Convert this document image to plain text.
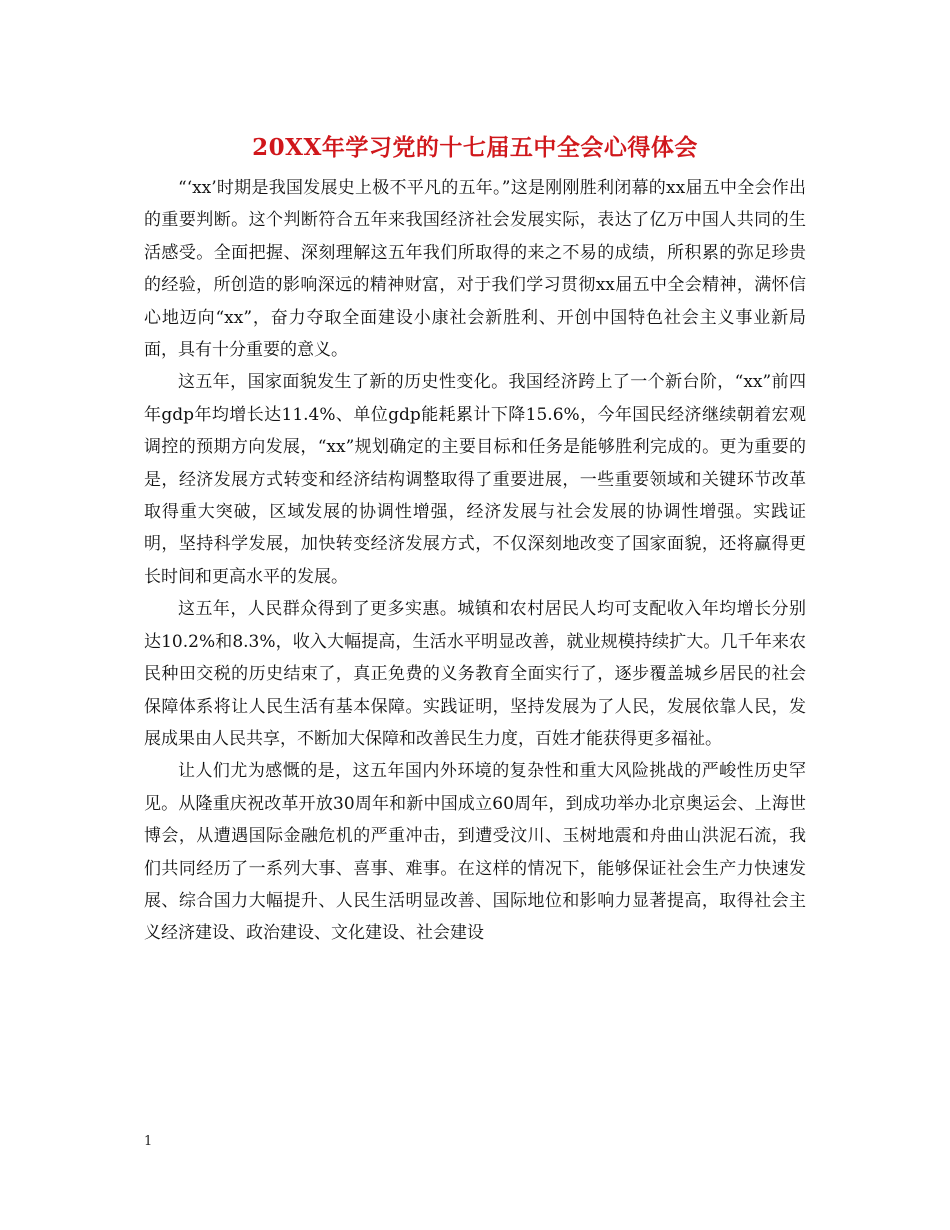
20XX年学习党的十七届五中全会心得体会

“‘xx’时期是我国发展史上极不平凡的五年。”这是刚刚胜利闭幕的xx届五中全会作出的重要判断。这个判断符合五年来我国经济社会发展实际，表达了亿万中国人共同的生活感受。全面把握、深刻理解这五年我们所取得的来之不易的成绩，所积累的弥足珍贵的经验，所创造的影响深远的精神财富，对于我们学习贯彻xx届五中全会精神，满怀信心地迈向“xx”，奋力夺取全面建设小康社会新胜利、开创中国特色社会主义事业新局面，具有十分重要的意义。

这五年，国家面貌发生了新的历史性变化。我国经济跨上了一个新台阶，“xx”前四年gdp年均增长达11.4%、单位gdp能耗累计下降15.6%，今年国民经济继续朝着宏观调控的预期方向发展，“xx”规划确定的主要目标和任务是能够胜利完成的。更为重要的是，经济发展方式转变和经济结构调整取得了重要进展，一些重要领域和关键环节改革取得重大突破，区域发展的协调性增强，经济发展与社会发展的协调性增强。实践证明，坚持科学发展，加快转变经济发展方式，不仅深刻地改变了国家面貌，还将赢得更长时间和更高水平的发展。

这五年，人民群众得到了更多实惠。城镇和农村居民人均可支配收入年均增长分别达10.2%和8.3%，收入大幅提高，生活水平明显改善，就业规模持续扩大。几千年来农民种田交税的历史结束了，真正免费的义务教育全面实行了，逐步覆盖城乡居民的社会保障体系将让人民生活有基本保障。实践证明，坚持发展为了人民，发展依靠人民，发展成果由人民共享，不断加大保障和改善民生力度，百姓才能获得更多福祉。

让人们尤为感慨的是，这五年国内外环境的复杂性和重大风险挑战的严峻性历史罕见。从隆重庆祝改革开放30周年和新中国成立60周年，到成功举办北京奥运会、上海世博会，从遭遇国际金融危机的严重冲击，到遭受汶川、玉树地震和舟曲山洪泥石流，我们共同经历了一系列大事、喜事、难事。在这样的情况下，能够保证社会生产力快速发展、综合国力大幅提升、人民生活明显改善、国际地位和影响力显著提高，取得社会主义经济建设、政治建设、文化建设、社会建设

1
